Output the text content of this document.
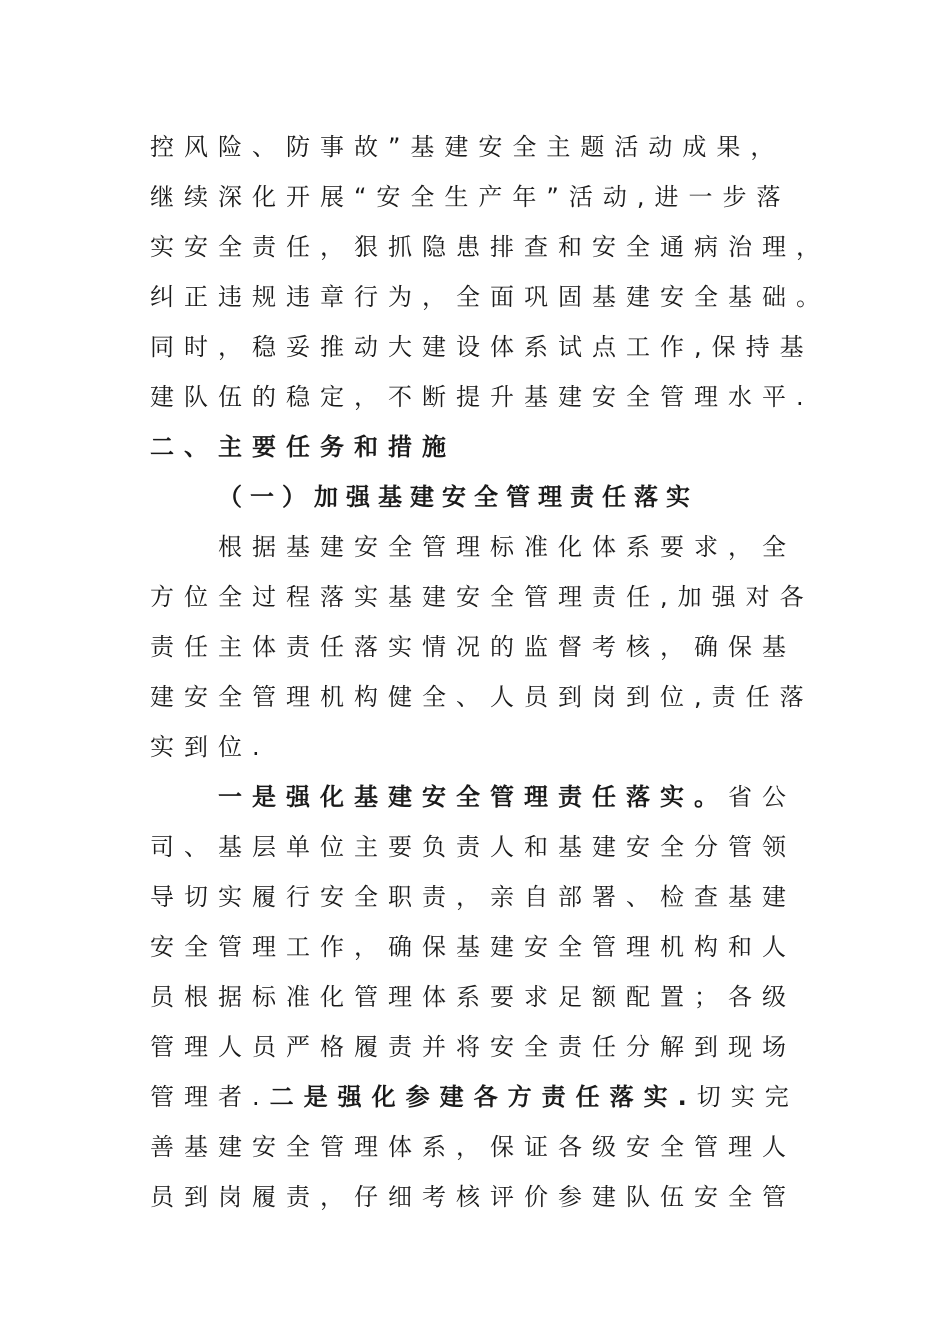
控风险、防事故”基建安全主题活动成果，
继续深化开展“安全生产年”活动,进一步落
实安全责任，狠抓隐患排查和安全通病治理，
纠正违规违章行为，全面巩固基建安全基础。
同时，稳妥推动大建设体系试点工作,保持基
建队伍的稳定，不断提升基建安全管理水平.
二、主要任务和措施
（一）加强基建安全管理责任落实
根据基建安全管理标准化体系要求，全
方位全过程落实基建安全管理责任,加强对各
责任主体责任落实情况的监督考核，确保基
建安全管理机构健全、人员到岗到位,责任落
实到位.
一是强化基建安全管理责任落实。省公
司、基层单位主要负责人和基建安全分管领
导切实履行安全职责，亲自部署、检查基建
安全管理工作，确保基建安全管理机构和人
员根据标准化管理体系要求足额配置；各级
管理人员严格履责并将安全责任分解到现场
管理者.二是强化参建各方责任落实.切实完
善基建安全管理体系，保证各级安全管理人
员到岗履责，仔细考核评价参建队伍安全管
